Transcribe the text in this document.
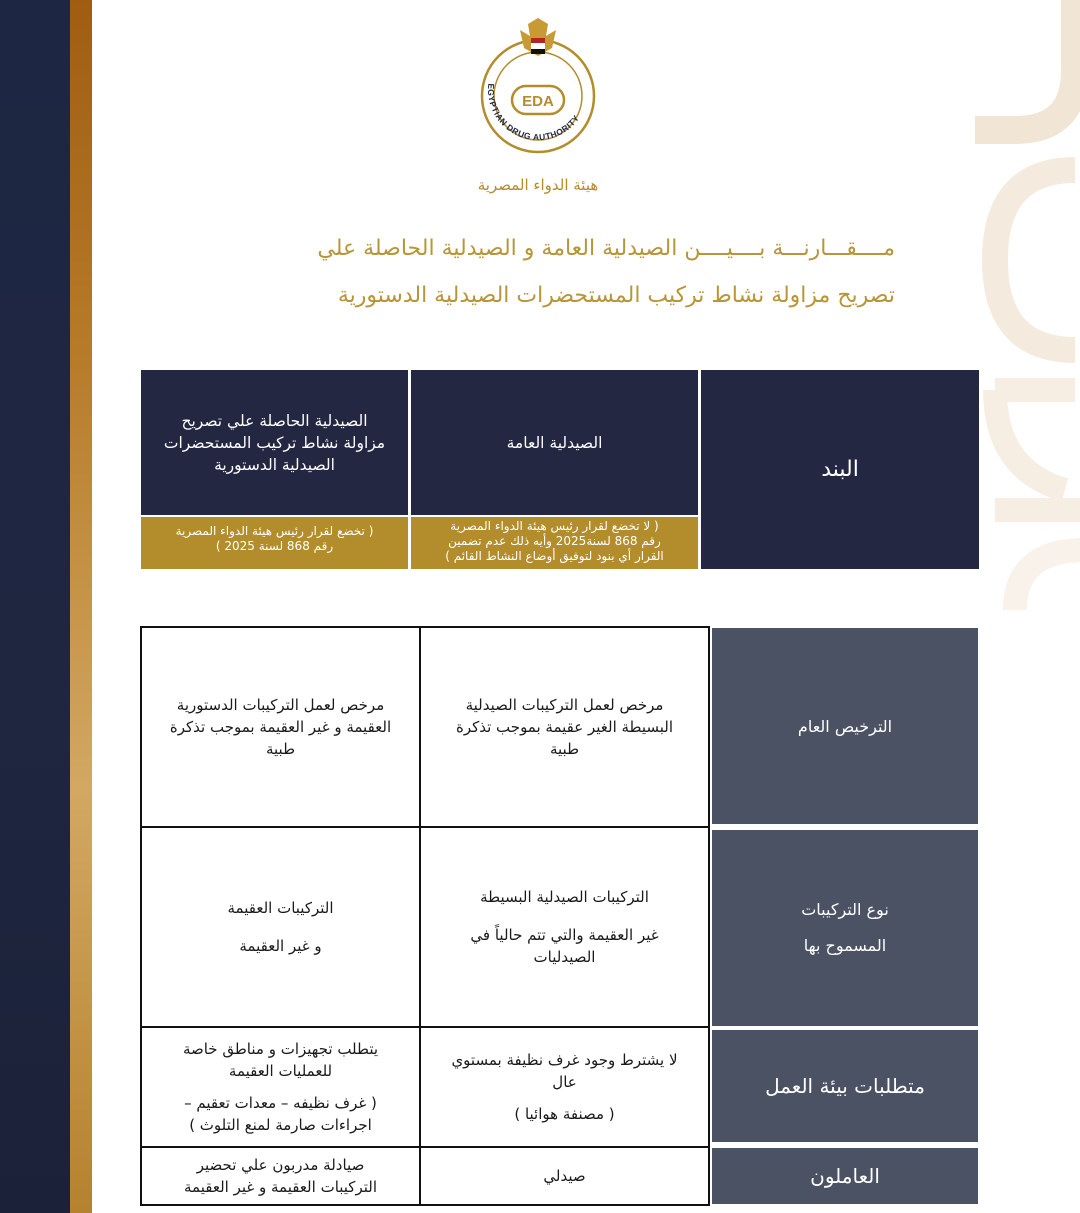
EDA
EGYPTIAN DRUG AUTHORITY
هيئة الدواء المصرية
مــــقـــارنـــة بــــيــــن الصيدلية العامة و الصيدلية الحاصلة علي
تصريح مزاولة نشاط تركيب المستحضرات الصيدلية الدستورية
الصيدلية الحاصلة علي تصريح
مزاولة نشاط تركيب المستحضرات
الصيدلية الدستورية
الصيدلية العامة
البند
( تخضع لقرار رئيس هيئة الدواء المصرية
رقم 868 لسنة 2025 )
( لا تخضع لقرار رئيس هيئة الدواء المصرية
رقم 868 لسنة2025 وأيه ذلك عدم تضمين
القرار أي بنود لتوفيق أوضاع النشاط القائم )
الترخيص العام
مرخص لعمل التركيبات الصيدلية
البسيطة الغير عقيمة بموجب تذكرة
طبية
مرخص لعمل التركيبات الدستورية
العقيمة و غير العقيمة بموجب تذكرة
طبية
نوع التركيبات
المسموح بها
التركيبات الصيدلية البسيطة
غير العقيمة والتي تتم حالياً في
الصيدليات
التركيبات العقيمة
و غير العقيمة
متطلبات بيئة العمل
لا يشترط وجود غرف نظيفة بمستوي
عال
( مصنفة هوائيا )
يتطلب تجهيزات و مناطق خاصة
للعمليات العقيمة
( غرف نظيفه – معدات تعقيم –
اجراءات صارمة لمنع التلوث )
العاملون
صيدلي
صيادلة مدربون علي تحضير
التركيبات العقيمة و غير العقيمة
